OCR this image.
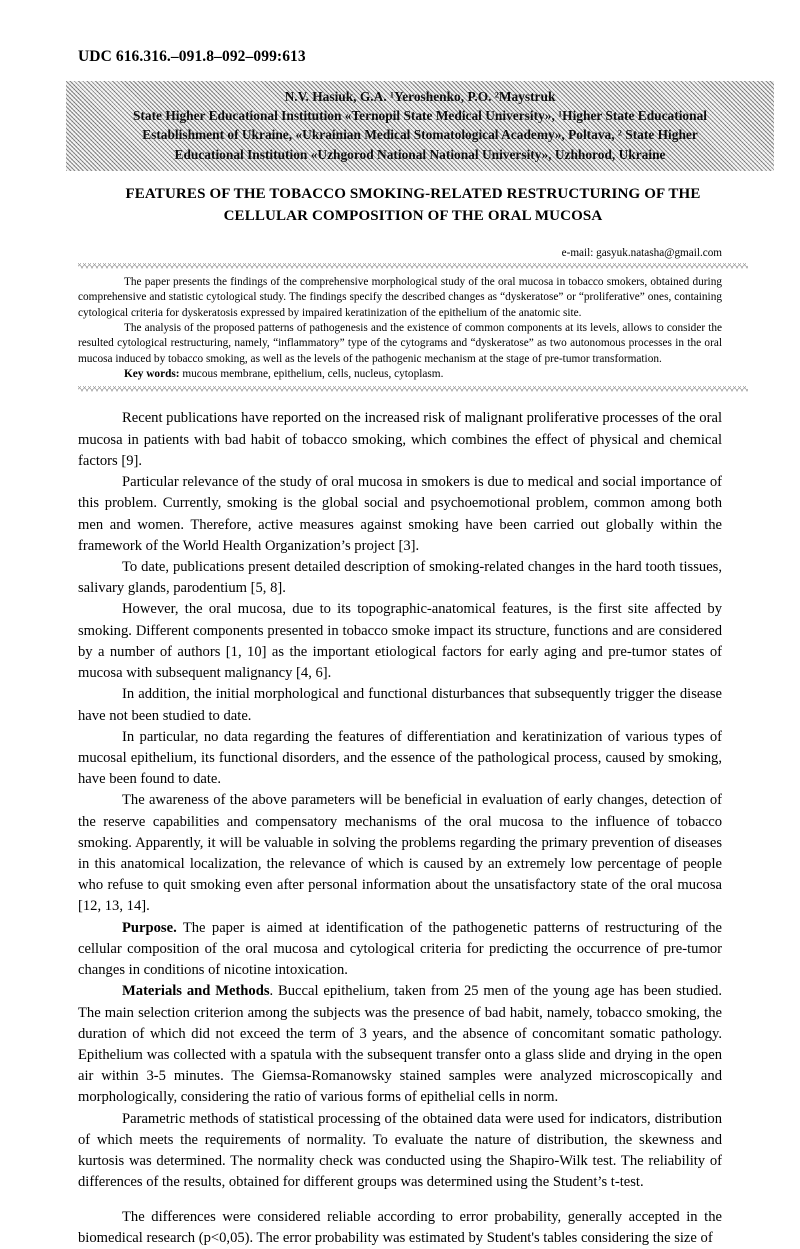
UDC 616.316.–091.8–092–099:613
N.V. Hasiuk, G.A. ¹Yeroshenko, P.O. ²Maystruk
State Higher Educational Institution «Ternopil State Medical University», ¹Higher State Educational
Establishment of Ukraine, «Ukrainian Medical Stomatological Academy», Poltava, ² State Higher
Educational Institution «Uzhgorod National National University», Uzhhorod, Ukraine
FEATURES OF THE TOBACCO SMOKING-RELATED RESTRUCTURING OF THE CELLULAR COMPOSITION OF THE ORAL MUCOSA
e-mail: gasyuk.natasha@gmail.com

The paper presents the findings of the comprehensive morphological study of the oral mucosa in tobacco smokers, obtained during comprehensive and statistic cytological study. The findings specify the described changes as “dyskeratose” or “proliferative” ones, containing cytological criteria for dyskeratosis expressed by impaired keratinization of the epithelium of the anatomic site.

The analysis of the proposed patterns of pathogenesis and the existence of common components at its levels, allows to consider the resulted cytological restructuring, namely, “inflammatory” type of the cytograms and “dyskeratose” as two autonomous processes in the oral mucosa induced by tobacco smoking, as well as the levels of the pathogenic mechanism at the stage of pre-tumor transformation.

Key words: mucous membrane, epithelium, cells, nucleus, cytoplasm.

Recent publications have reported on the increased risk of malignant proliferative processes of the oral mucosa in patients with bad habit of tobacco smoking, which combines the effect of physical and chemical factors [9].

Particular relevance of the study of oral mucosa in smokers is due to medical and social importance of this problem. Currently, smoking is the global social and psychoemotional problem, common among both men and women. Therefore, active measures against smoking have been carried out globally within the framework of the World Health Organization’s project [3].

To date, publications present detailed description of smoking-related changes in the hard tooth tissues, salivary glands, parodentium [5, 8].

However, the oral mucosa, due to its topographic-anatomical features, is the first site affected by smoking. Different components presented in tobacco smoke impact its structure, functions and are considered by a number of authors [1, 10] as the important etiological factors for early aging and pre-tumor states of mucosa with subsequent malignancy [4, 6].

In addition, the initial morphological and functional disturbances that subsequently trigger the disease have not been studied to date.

In particular, no data regarding the features of differentiation and keratinization of various types of mucosal epithelium, its functional disorders, and the essence of the pathological process, caused by smoking, have been found to date.

The awareness of the above parameters will be beneficial in evaluation of early changes, detection of the reserve capabilities and compensatory mechanisms of the oral mucosa to the influence of tobacco smoking. Apparently, it will be valuable in solving the problems regarding the primary prevention of diseases in this anatomical localization, the relevance of which is caused by an extremely low percentage of people who refuse to quit smoking even after personal information about the unsatisfactory state of the oral mucosa [12, 13, 14].

Purpose. The paper is aimed at identification of the pathogenetic patterns of restructuring of the cellular composition of the oral mucosa and cytological criteria for predicting the occurrence of pre-tumor changes in conditions of nicotine intoxication.

Materials and Methods. Buccal epithelium, taken from 25 men of the young age has been studied. The main selection criterion among the subjects was the presence of bad habit, namely, tobacco smoking, the duration of which did not exceed the term of 3 years, and the absence of concomitant somatic pathology. Epithelium was collected with a spatula with the subsequent transfer onto a glass slide and drying in the open air within 3-5 minutes. The Giemsa-Romanowsky stained samples were analyzed microscopically and morphologically, considering the ratio of various forms of epithelial cells in norm.

Parametric methods of statistical processing of the obtained data were used for indicators, distribution of which meets the requirements of normality. To evaluate the nature of distribution, the skewness and kurtosis was determined. The normality check was conducted using the Shapiro-Wilk test. The reliability of differences of the results, obtained for different groups was determined using the Student’s t-test.

The differences were considered reliable according to error probability, generally accepted in the biomedical research (p<0,05). The error probability was estimated by Student's tables considering the size of
